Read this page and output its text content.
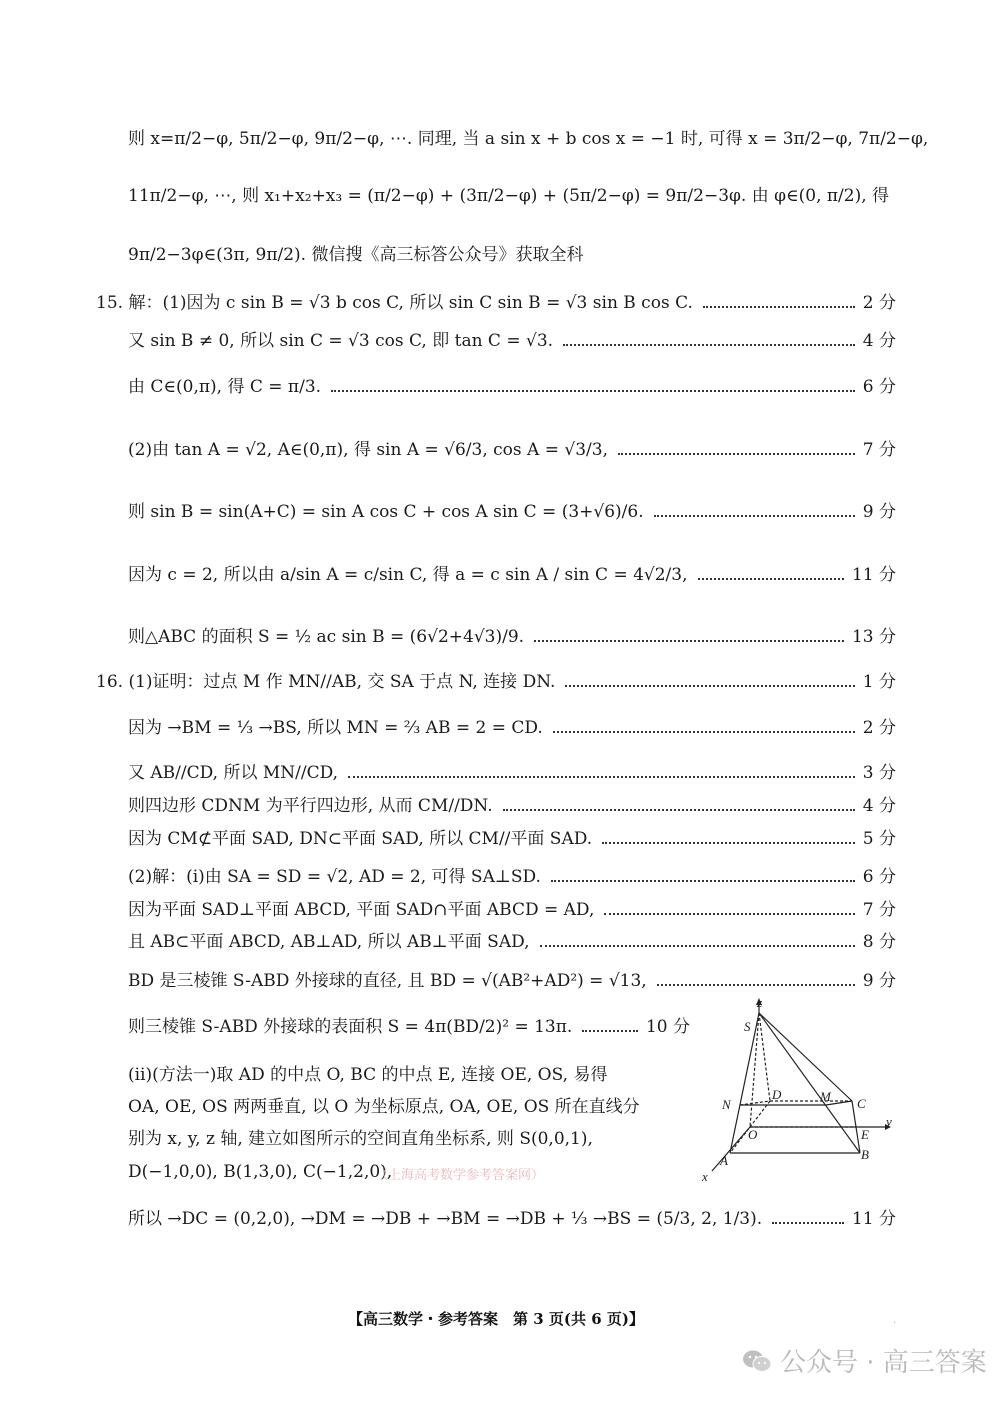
则 x=π/2−φ, 5π/2−φ, 9π/2−φ, ⋯. 同理, 当 a sin x + b cos x = −1 时, 可得 x = 3π/2−φ, 7π/2−φ,
11π/2−φ, ⋯, 则 x₁+x₂+x₃ = (π/2−φ) + (3π/2−φ) + (5π/2−φ) = 9π/2−3φ. 由 φ∈(0, π/2), 得
9π/2−3φ∈(3π, 9π/2). 微信搜《高三标答公众号》获取全科
15. 解：(1)因为 c sin B = √3 b cos C, 所以 sin C sin B = √3 sin B cos C.	2 分
又 sin B ≠ 0, 所以 sin C = √3 cos C, 即 tan C = √3.	4 分
由 C∈(0,π), 得 C = π/3.	6 分
(2)由 tan A = √2, A∈(0,π), 得 sin A = √6/3, cos A = √3/3,	7 分
则 sin B = sin(A+C) = sin A cos C + cos A sin C = (3+√6)/6.	9 分
因为 c = 2, 所以由 a/sin A = c/sin C, 得 a = c sin A / sin C = 4√2/3,	11 分
则△ABC 的面积 S = ½ ac sin B = (6√2+4√3)/9.	13 分
16. (1)证明：过点 M 作 MN//AB, 交 SA 于点 N, 连接 DN.	1 分
因为 →BM = ⅓ →BS, 所以 MN = ⅔ AB = 2 = CD.	2 分
又 AB//CD, 所以 MN//CD,	3 分
则四边形 CDNM 为平行四边形, 从而 CM//DN.	4 分
因为 CM⊄平面 SAD, DN⊂平面 SAD, 所以 CM//平面 SAD.	5 分
(2)解：(ⅰ)由 SA = SD = √2, AD = 2, 可得 SA⊥SD.	6 分
因为平面 SAD⊥平面 ABCD, 平面 SAD∩平面 ABCD = AD,	7 分
且 AB⊂平面 ABCD, AB⊥AD, 所以 AB⊥平面 SAD,	8 分
BD 是三棱锥 S-ABD 外接球的直径, 且 BD = √(AB²+AD²) = √13,	9 分
则三棱锥 S-ABD 外接球的表面积 S = 4π(BD/2)² = 13π.	10 分
(ⅱ)(方法一)取 AD 的中点 O, BC 的中点 E, 连接 OE, OS, 易得
OA, OE, OS 两两垂直, 以 O 为坐标原点, OA, OE, OS 所在直线分
别为 x, y, z 轴, 建立如图所示的空间直角坐标系, 则 S(0,0,1),
D(−1,0,0), B(1,3,0), C(−1,2,0),
（上海高考数学参考答案网）
所以 →DC = (0,2,0), →DM = →DB + →BM = →DB + ⅓ →BS = (5/3, 2, 1/3).	11 分
z
S
D	M
N	C
O	E
y
A	B
x
【高三数学・参考答案　第 3 页(共 6 页)】	·
公众号 · 高三答案
